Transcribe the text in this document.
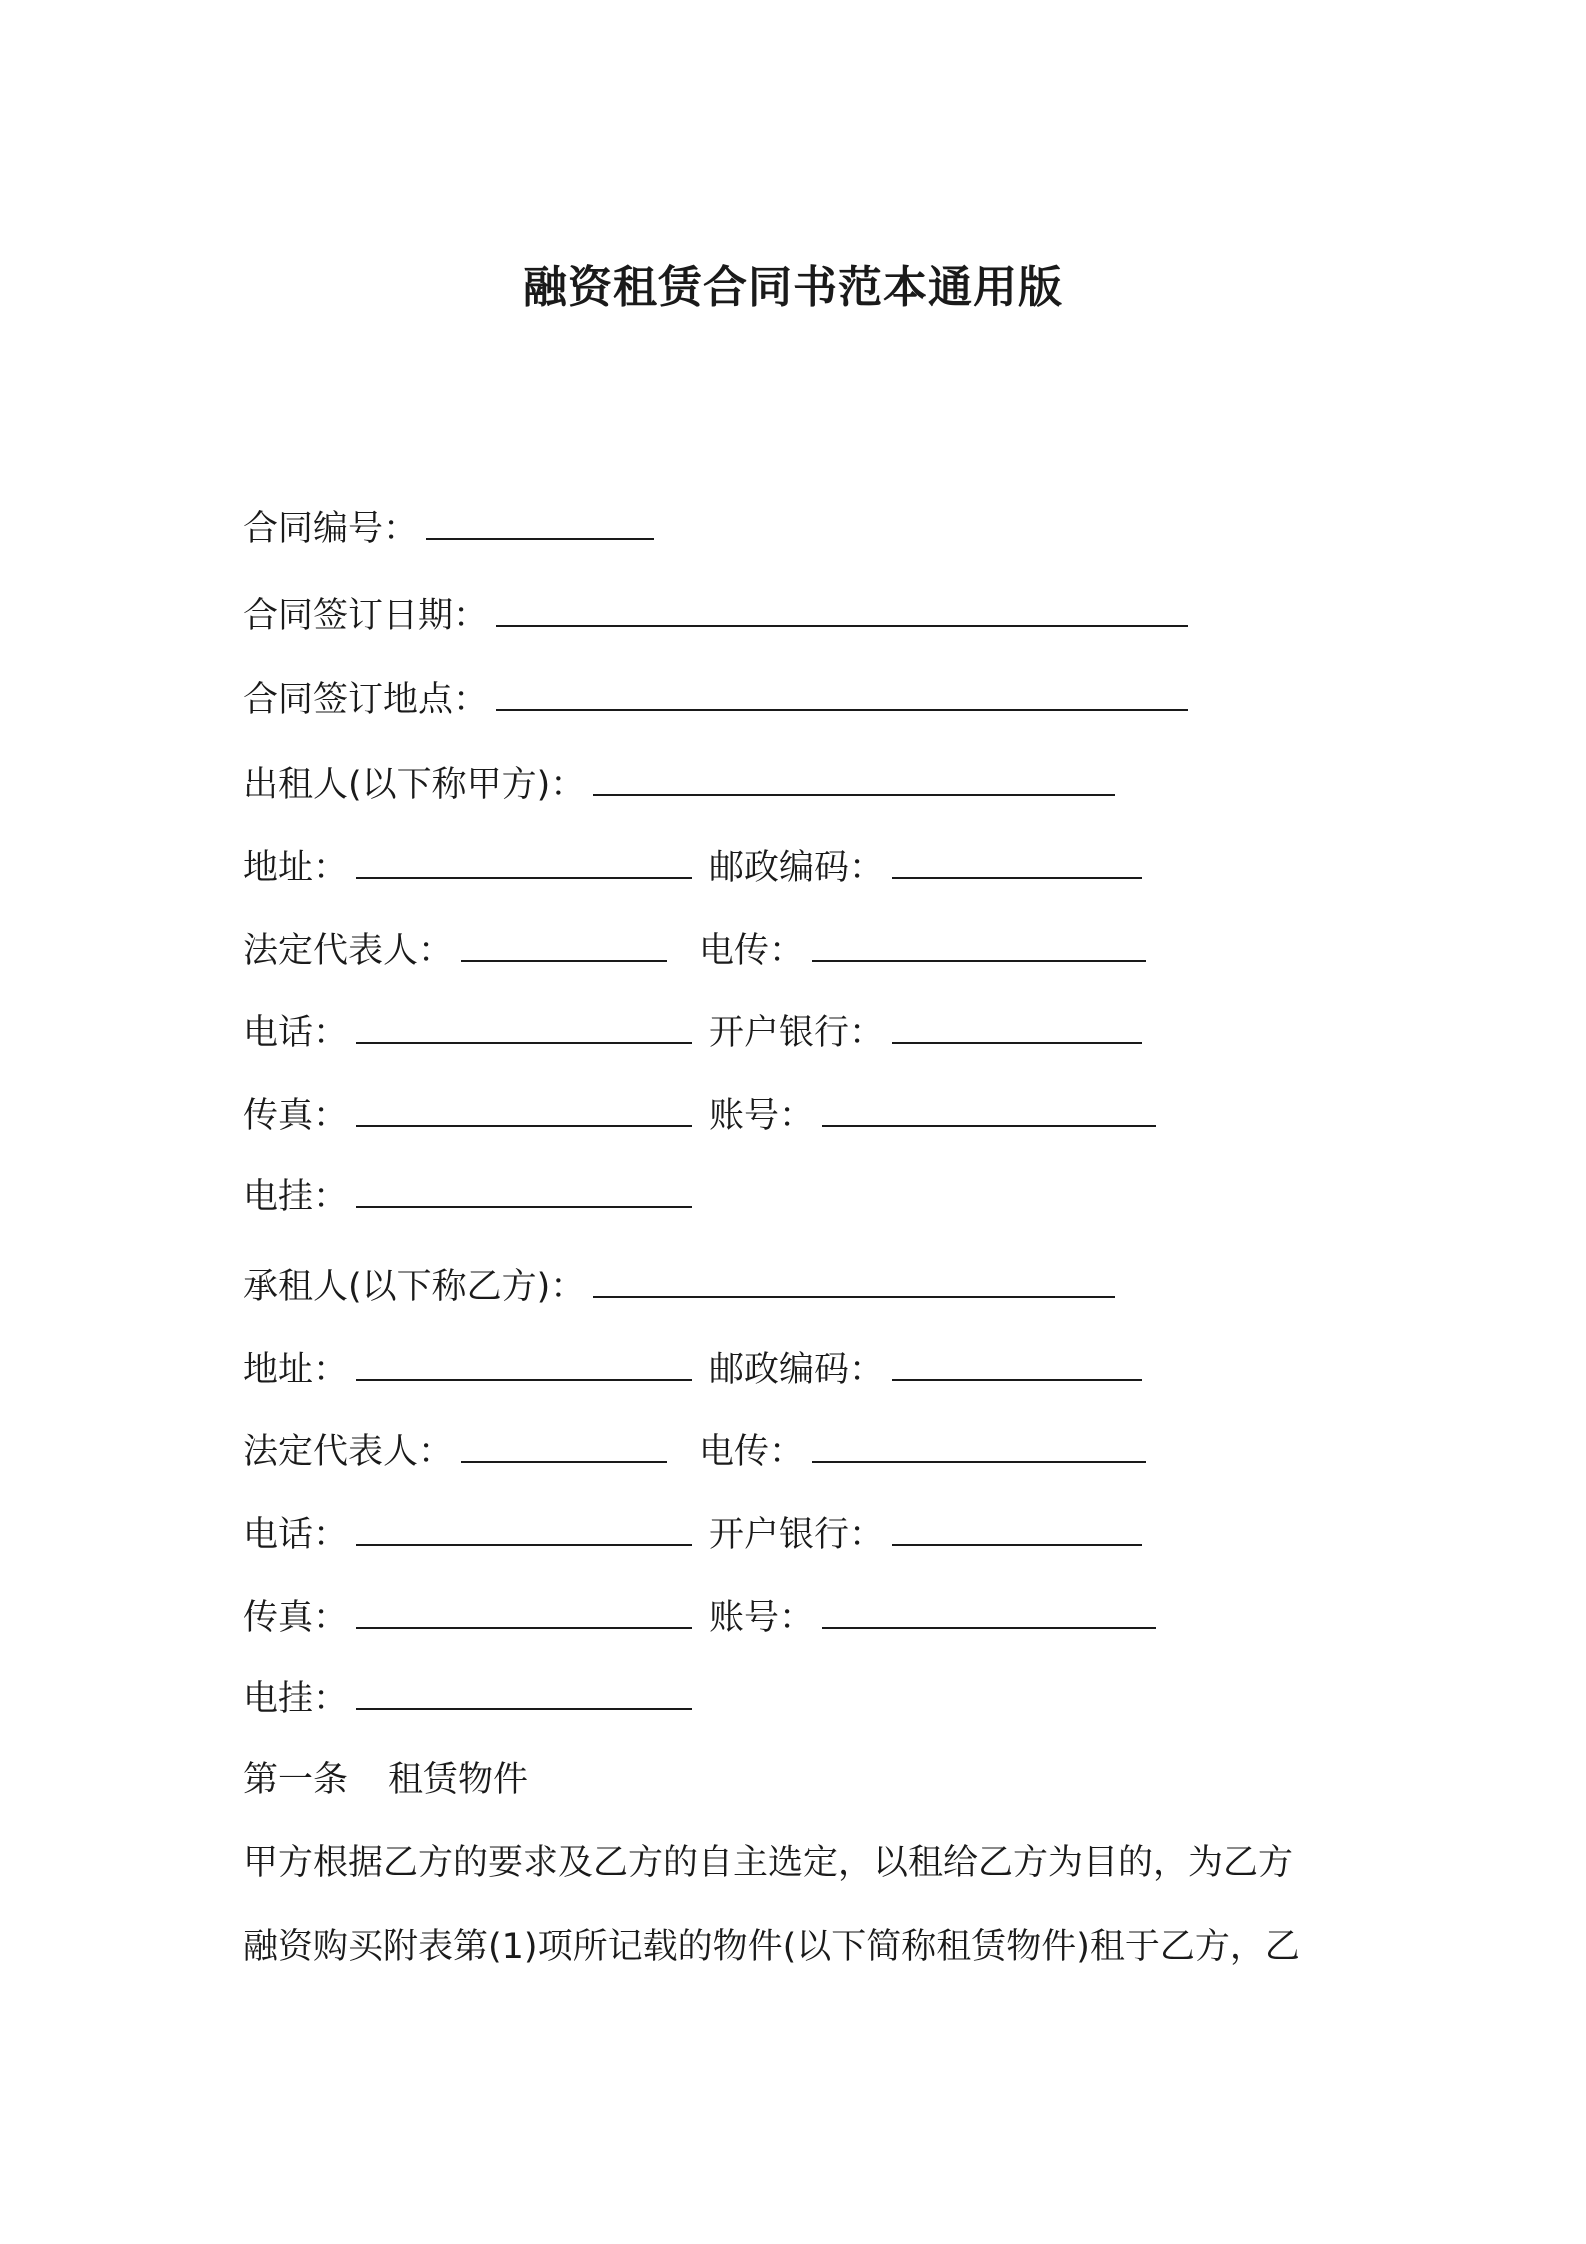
融资租赁合同书范本通用版
合同编号：
合同签订日期：
合同签订地点：
出租人(以下称甲方)：
地址：	邮政编码：
法定代表人：	电传：
电话：	开户银行：
传真：	账号：
电挂：
承租人(以下称乙方)：
地址：	邮政编码：
法定代表人：	电传：
电话：	开户银行：
传真：	账号：
电挂：
第一条 租赁物件
甲方根据乙方的要求及乙方的自主选定，以租给乙方为目的，为乙方
融资购买附表第(1)项所记载的物件(以下简称租赁物件)租于乙方，乙
